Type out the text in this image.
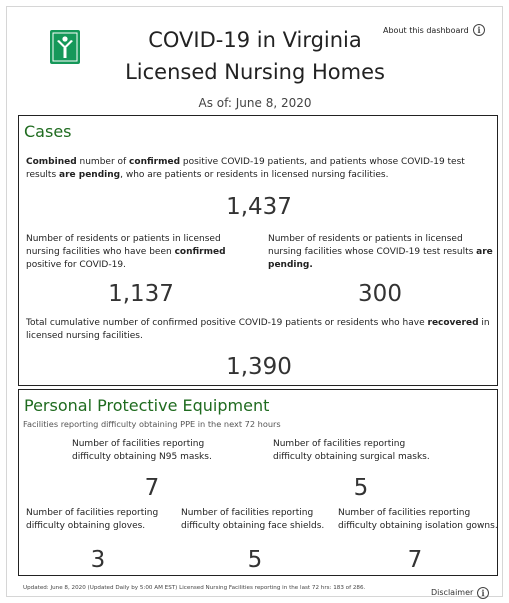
COVID-19 in Virginia
Licensed Nursing Homes
As of: June 8, 2020
About this dashboard	i
Cases
Combined number of confirmed positive COVID-19 patients, and patients whose COVID-19 test results are pending, who are patients or residents in licensed nursing facilities.
1,437
Number of residents or patients in licensed nursing facilities who have been confirmed positive for COVID-19.
1,137
Number of residents or patients in licensed nursing facilities whose COVID-19 test results are pending.
300
Total cumulative number of confirmed positive COVID-19 patients or residents who have recovered in licensed nursing facilities.
1,390
Personal Protective Equipment
Facilities reporting difficulty obtaining PPE in the next 72 hours
Number of facilities reporting difficulty obtaining N95 masks.
7
Number of facilities reporting difficulty obtaining surgical masks.
5
Number of facilities reporting difficulty obtaining gloves.
3
Number of facilities reporting difficulty obtaining face shields.
5
Number of facilities reporting difficulty obtaining isolation gowns.
7
Updated: June 8, 2020 (Updated Daily by 5:00 AM EST) Licensed Nursing Facilities reporting in the last 72 hrs: 183 of 286.	Disclaimer	i
